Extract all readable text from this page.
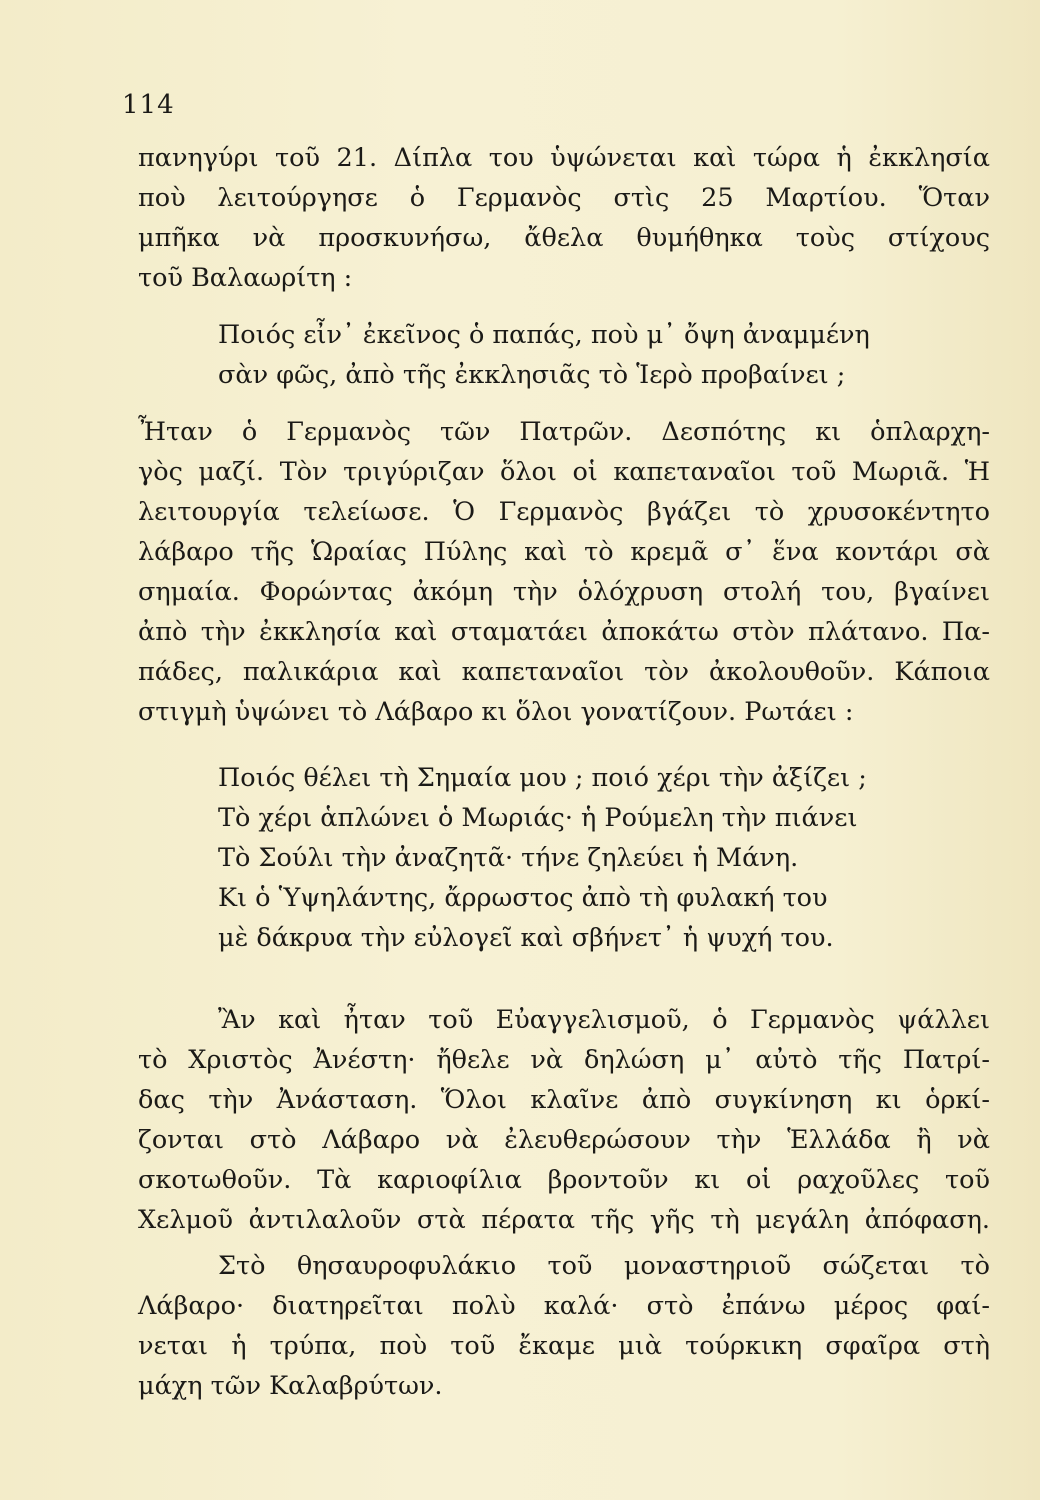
114
πανηγύρι τοῦ 21. Δίπλα του ὑψώνεται καὶ τώρα ἡ ἐκκλησία
ποὺ λειτούργησε ὁ Γερμανὸς στὶς 25 Μαρτίου. Ὅταν
μπῆκα νὰ προσκυνήσω, ἄθελα θυμήθηκα τοὺς στίχους
τοῦ Βαλαωρίτη :
Ποιός εἶν᾽ ἐκεῖνος ὁ παπάς, ποὺ μ᾽ ὄψη ἀναμμένη
σὰν φῶς, ἀπὸ τῆς ἐκκλησιᾶς τὸ Ἱερὸ προβαίνει ;
Ἦταν ὁ Γερμανὸς τῶν Πατρῶν. Δεσπότης κι ὁπλαρχη-
γὸς μαζί. Τὸν τριγύριζαν ὅλοι οἱ καπεταναῖοι τοῦ Μωριᾶ. Ἡ
λειτουργία τελείωσε. Ὁ Γερμανὸς βγάζει τὸ χρυσοκέντητο
λάβαρο τῆς Ὡραίας Πύλης καὶ τὸ κρεμᾶ σ᾽ ἕνα κοντάρι σὰ
σημαία. Φορώντας ἀκόμη τὴν ὁλόχρυση στολή του, βγαίνει
ἀπὸ τὴν ἐκκλησία καὶ σταματάει ἀποκάτω στὸν πλάτανο. Πα-
πάδες, παλικάρια καὶ καπεταναῖοι τὸν ἀκολουθοῦν. Κάποια
στιγμὴ ὑψώνει τὸ Λάβαρο κι ὅλοι γονατίζουν. Ρωτάει :
Ποιός θέλει τὴ Σημαία μου ; ποιό χέρι τὴν ἀξίζει ;
Τὸ χέρι ἁπλώνει ὁ Μωριάς· ἡ Ρούμελη τὴν πιάνει
Τὸ Σούλι τὴν ἀναζητᾶ· τήνε ζηλεύει ἡ Μάνη.
Κι ὁ Ὑψηλάντης, ἄρρωστος ἀπὸ τὴ φυλακή του
μὲ δάκρυα τὴν εὐλογεῖ καὶ σβήνετ᾽ ἡ ψυχή του.
Ἂν καὶ ἦταν τοῦ Εὐαγγελισμοῦ, ὁ Γερμανὸς ψάλλει
τὸ Χριστὸς Ἀνέστη· ἤθελε νὰ δηλώση μ᾽ αὐτὸ τῆς Πατρί-
δας τὴν Ἀνάσταση. Ὅλοι κλαῖνε ἀπὸ συγκίνηση κι ὁρκί-
ζονται στὸ Λάβαρο νὰ ἐλευθερώσουν τὴν Ἑλλάδα ἢ νὰ
σκοτωθοῦν. Τὰ καριοφίλια βροντοῦν κι οἱ ραχοῦλες τοῦ
Χελμοῦ ἀντιλαλοῦν στὰ πέρατα τῆς γῆς τὴ μεγάλη ἀπόφαση.
Στὸ θησαυροφυλάκιο τοῦ μοναστηριοῦ σώζεται τὸ
Λάβαρο· διατηρεῖται πολὺ καλά· στὸ ἐπάνω μέρος φαί-
νεται ἡ τρύπα, ποὺ τοῦ ἔκαμε μιὰ τούρκικη σφαῖρα στὴ
μάχη τῶν Καλαβρύτων.
